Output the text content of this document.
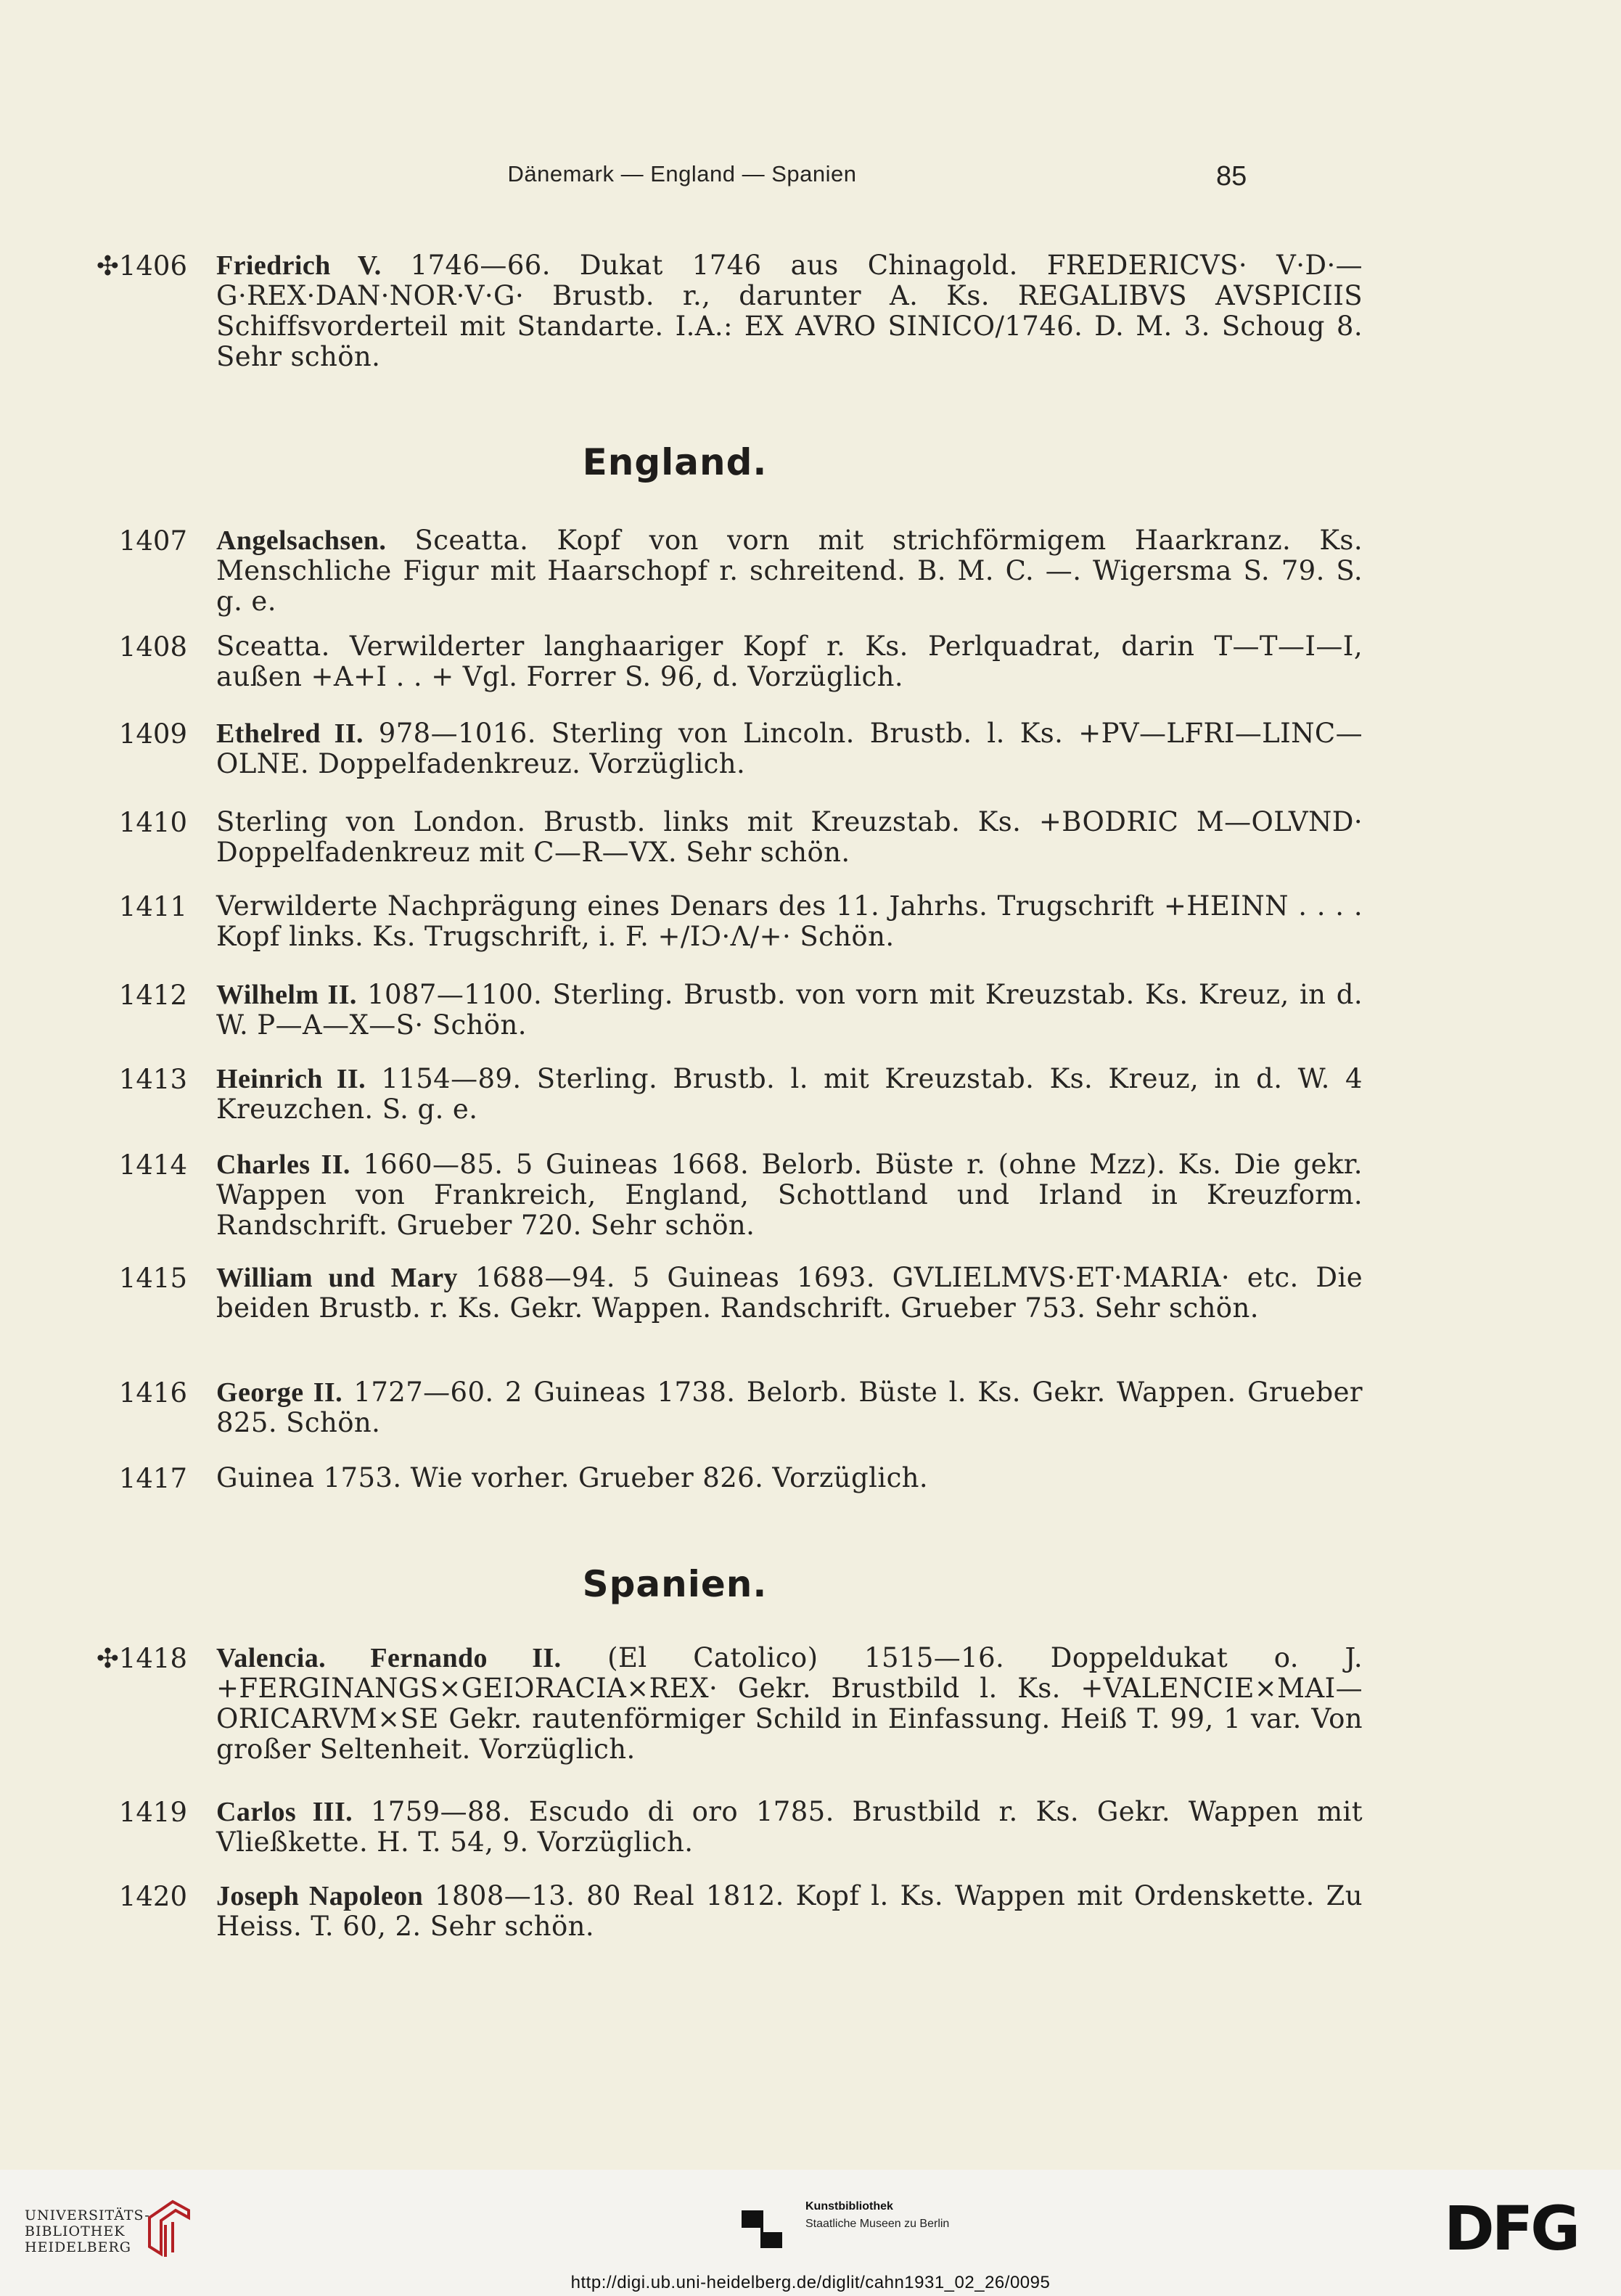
Dänemark — England — Spanien	85
✣1406 Friedrich V. 1746—66. Dukat 1746 aus Chinagold. FREDERICVS· V·D·—G·REX·DAN·NOR·V·G· Brustb. r., darunter A. Ks. REGALIBVS AVSPICIIS Schiffsvorderteil mit Standarte. I.A.: EX AVRO SINICO/1746. D. M. 3. Schoug 8. Sehr schön.
England.
1407 Angelsachsen. Sceatta. Kopf von vorn mit strichförmigem Haarkranz. Ks. Menschliche Figur mit Haarschopf r. schreitend. B. M. C. —. Wigersma S. 79. S. g. e.
1408 Sceatta. Verwilderter langhaariger Kopf r. Ks. Perlquadrat, darin T—T—I—I, außen +A+I . . + Vgl. Forrer S. 96, d. Vorzüglich.
1409 Ethelred II. 978—1016. Sterling von Lincoln. Brustb. l. Ks. +PV—LFRI—LINC—OLNE. Doppelfadenkreuz. Vorzüglich.
1410 Sterling von London. Brustb. links mit Kreuzstab. Ks. +BODRIC M—OLVND· Doppelfadenkreuz mit C—R—VX. Sehr schön.
1411 Verwilderte Nachprägung eines Denars des 11. Jahrhs. Trugschrift +HEINN . . . . Kopf links. Ks. Trugschrift, i. F. +/IƆ·Λ/+· Schön.
1412 Wilhelm II. 1087—1100. Sterling. Brustb. von vorn mit Kreuzstab. Ks. Kreuz, in d. W. P—A—X—S· Schön.
1413 Heinrich II. 1154—89. Sterling. Brustb. l. mit Kreuzstab. Ks. Kreuz, in d. W. 4 Kreuzchen. S. g. e.
1414 Charles II. 1660—85. 5 Guineas 1668. Belorb. Büste r. (ohne Mzz). Ks. Die gekr. Wappen von Frankreich, England, Schottland und Irland in Kreuzform. Randschrift. Grueber 720. Sehr schön.
1415 William und Mary 1688—94. 5 Guineas 1693. GVLIELMVS·ET·MARIA· etc. Die beiden Brustb. r. Ks. Gekr. Wappen. Randschrift. Grueber 753. Sehr schön.
1416 George II. 1727—60. 2 Guineas 1738. Belorb. Büste l. Ks. Gekr. Wappen. Grueber 825. Schön.
1417 Guinea 1753. Wie vorher. Grueber 826. Vorzüglich.
Spanien.
✣1418 Valencia. Fernando II. (El Catolico) 1515—16. Doppeldukat o. J. +FERGINANGS×GEIƆRACIA×REX· Gekr. Brustbild l. Ks. +VALENCIE×MAI—ORICARVM×SE Gekr. rautenförmiger Schild in Einfassung. Heiß T. 99, 1 var. Von großer Seltenheit. Vorzüglich.
1419 Carlos III. 1759—88. Escudo di oro 1785. Brustbild r. Ks. Gekr. Wappen mit Vließkette. H. T. 54, 9. Vorzüglich.
1420 Joseph Napoleon 1808—13. 80 Real 1812. Kopf l. Ks. Wappen mit Ordenskette. Zu Heiss. T. 60, 2. Sehr schön.
UNIVERSITÄTS-
BIBLIOTHEK
HEIDELBERG
Kunstbibliothek
Staatliche Museen zu Berlin	DFG
http://digi.ub.uni-heidelberg.de/diglit/cahn1931_02_26/0095
